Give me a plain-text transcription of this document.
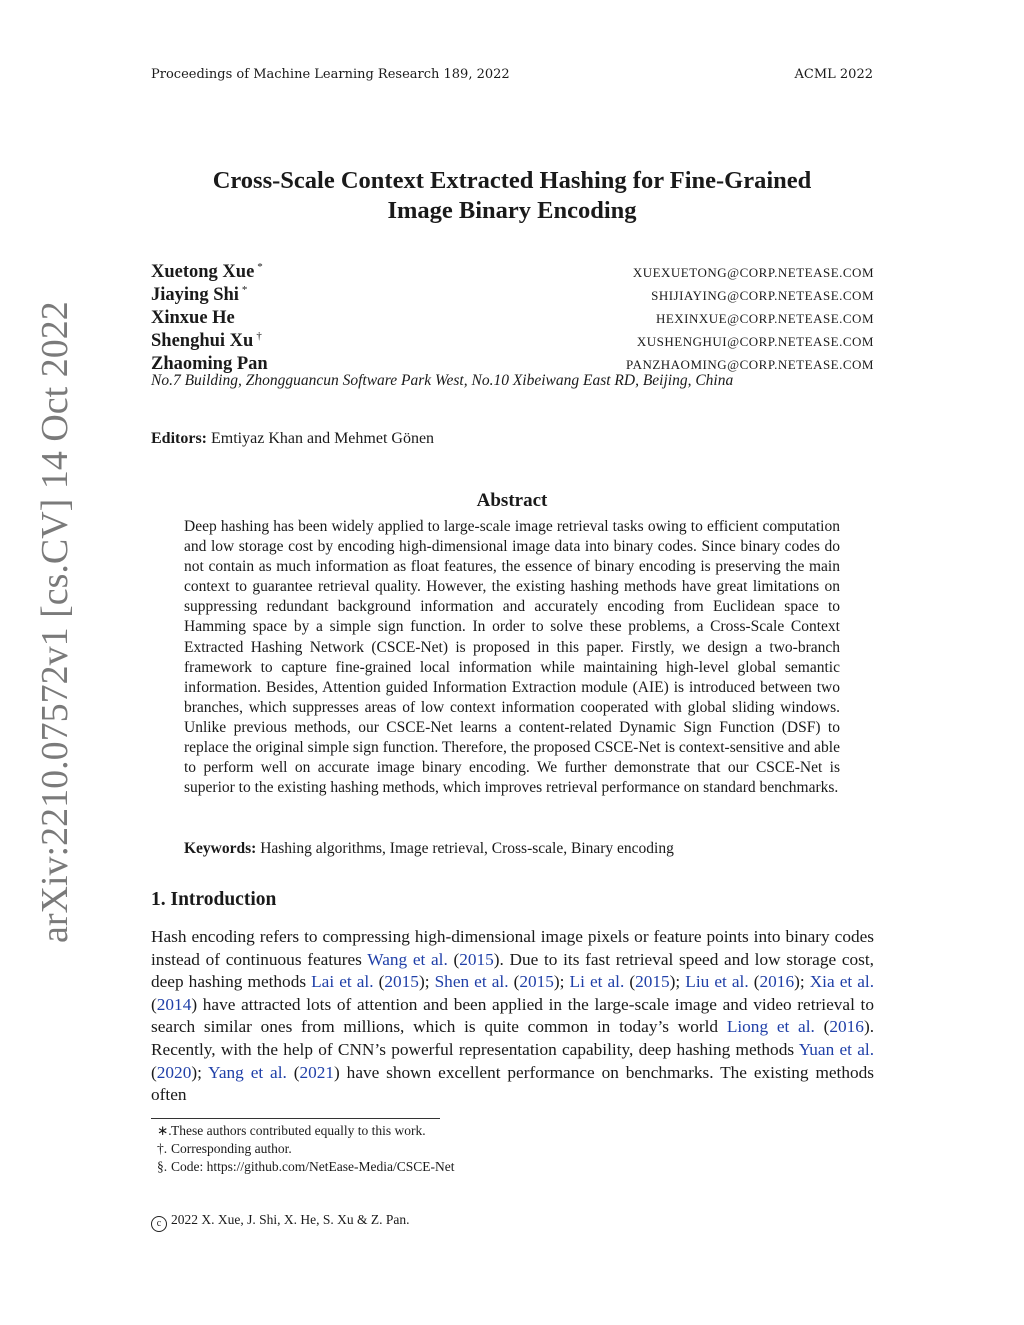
Proceedings of Machine Learning Research 189, 2022	ACML 2022
arXiv:2210.07572v1 [cs.CV] 14 Oct 2022
Cross-Scale Context Extracted Hashing for Fine-Grained
Image Binary Encoding
Xuetong Xue *	XUEXUETONG@CORP.NETEASE.COM
Jiaying Shi *	SHIJIAYING@CORP.NETEASE.COM
Xinxue He	HEXINXUE@CORP.NETEASE.COM
Shenghui Xu †	XUSHENGHUI@CORP.NETEASE.COM
Zhaoming Pan	PANZHAOMING@CORP.NETEASE.COM
No.7 Building, Zhongguancun Software Park West, No.10 Xibeiwang East RD, Beijing, China
Editors: Emtiyaz Khan and Mehmet Gönen
Abstract
Deep hashing has been widely applied to large-scale image retrieval tasks owing to efficient computation and low storage cost by encoding high-dimensional image data into binary codes. Since binary codes do not contain as much information as float features, the essence of binary encoding is preserving the main context to guarantee retrieval quality. However, the existing hashing methods have great limitations on suppressing redundant background information and accurately encoding from Euclidean space to Hamming space by a simple sign function. In order to solve these problems, a Cross-Scale Context Extracted Hashing Network (CSCE-Net) is proposed in this paper. Firstly, we design a two-branch framework to capture fine-grained local information while maintaining high-level global semantic information. Besides, Attention guided Information Extraction module (AIE) is introduced between two branches, which suppresses areas of low context information cooperated with global sliding windows. Unlike previous methods, our CSCE-Net learns a content-related Dynamic Sign Function (DSF) to replace the original simple sign function. Therefore, the proposed CSCE-Net is context-sensitive and able to perform well on accurate image binary encoding. We further demonstrate that our CSCE-Net is superior to the existing hashing methods, which improves retrieval performance on standard benchmarks.
Keywords: Hashing algorithms, Image retrieval, Cross-scale, Binary encoding
1. Introduction
Hash encoding refers to compressing high-dimensional image pixels or feature points into binary codes instead of continuous features Wang et al. (2015). Due to its fast retrieval speed and low storage cost, deep hashing methods Lai et al. (2015); Shen et al. (2015); Li et al. (2015); Liu et al. (2016); Xia et al. (2014) have attracted lots of attention and been applied in the large-scale image and video retrieval to search similar ones from millions, which is quite common in today’s world Liong et al. (2016). Recently, with the help of CNN’s powerful representation capability, deep hashing methods Yuan et al. (2020); Yang et al. (2021) have shown excellent performance on benchmarks. The existing methods often
∗.These authors contributed equally to this work.
†. Corresponding author.
§. Code: https://github.com/NetEase-Media/CSCE-Net
c 2022 X. Xue, J. Shi, X. He, S. Xu & Z. Pan.
